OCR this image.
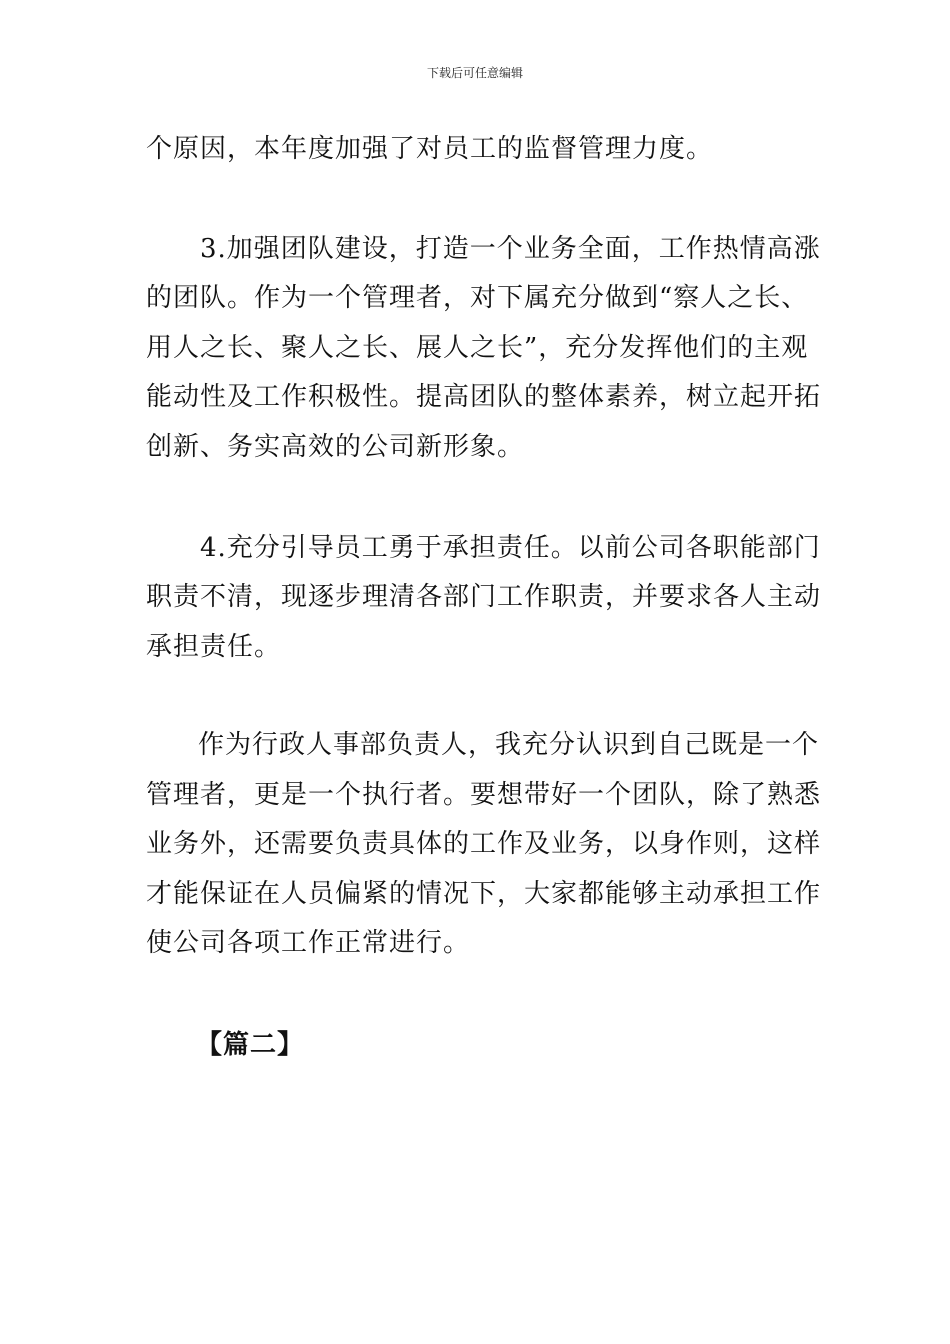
下载后可任意编辑
个原因，本年度加强了对员工的监督管理力度。
3.加强团队建设，打造一个业务全面，工作热情高涨
的团队。作为一个管理者，对下属充分做到“察人之长、
用人之长、聚人之长、展人之长”，充分发挥他们的主观
能动性及工作积极性。提高团队的整体素养，树立起开拓
创新、务实高效的公司新形象。
4.充分引导员工勇于承担责任。以前公司各职能部门
职责不清，现逐步理清各部门工作职责，并要求各人主动
承担责任。
作为行政人事部负责人，我充分认识到自己既是一个
管理者，更是一个执行者。要想带好一个团队，除了熟悉
业务外，还需要负责具体的工作及业务，以身作则，这样
才能保证在人员偏紧的情况下，大家都能够主动承担工作
使公司各项工作正常进行。
【篇二】
